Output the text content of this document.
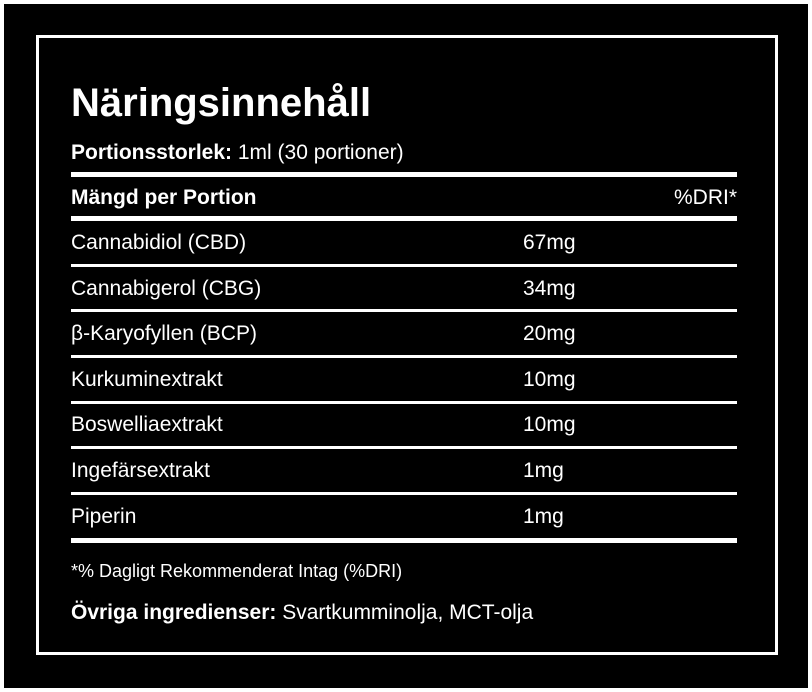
Näringsinnehåll
Portionsstorlek: 1ml (30 portioner)
Mängd per Portion	%DRI*
Cannabidiol (CBD)	67mg
Cannabigerol (CBG)	34mg
β-Karyofyllen (BCP)	20mg
Kurkuminextrakt	10mg
Boswelliaextrakt	10mg
Ingefärsextrakt	1mg
Piperin	1mg
*% Dagligt Rekommenderat Intag (%DRI)
Övriga ingredienser: Svartkumminolja, MCT-olja
